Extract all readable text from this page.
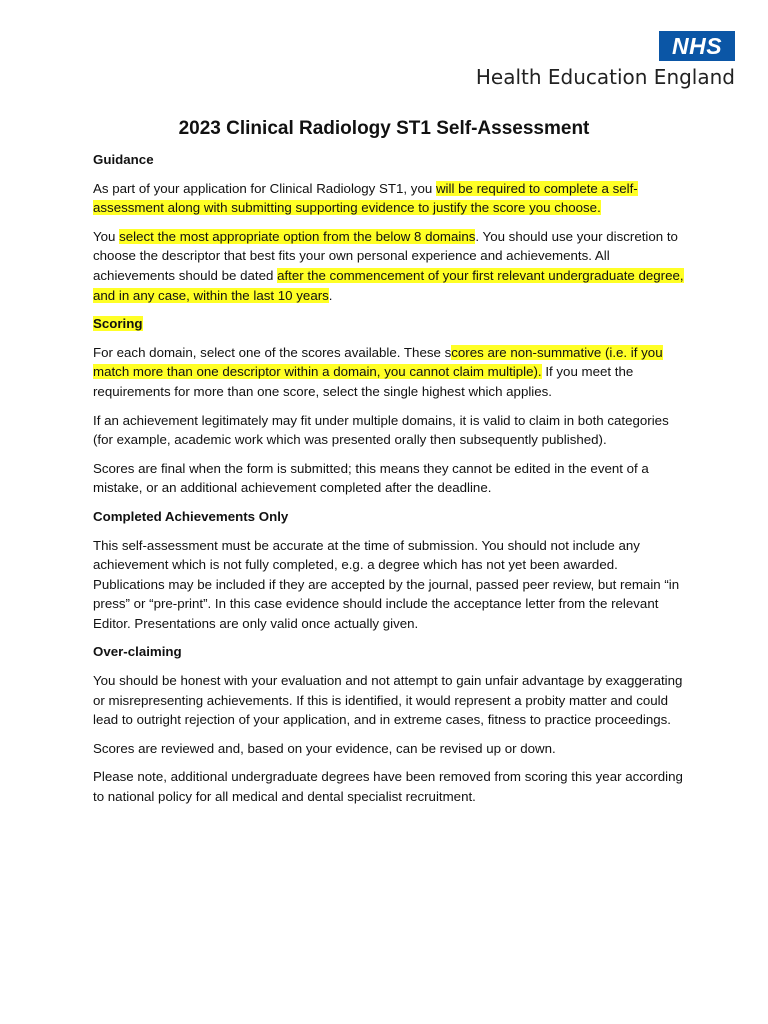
NHS
Health Education England
2023 Clinical Radiology ST1 Self-Assessment

Guidance

As part of your application for Clinical Radiology ST1, you will be required to complete a self-assessment along with submitting supporting evidence to justify the score you choose.

You select the most appropriate option from the below 8 domains. You should use your discretion to choose the descriptor that best fits your own personal experience and achievements. All achievements should be dated after the commencement of your first relevant undergraduate degree, and in any case, within the last 10 years.

Scoring

For each domain, select one of the scores available. These scores are non-summative (i.e. if you match more than one descriptor within a domain, you cannot claim multiple). If you meet the requirements for more than one score, select the single highest which applies.

If an achievement legitimately may fit under multiple domains, it is valid to claim in both categories (for example, academic work which was presented orally then subsequently published).

Scores are final when the form is submitted; this means they cannot be edited in the event of a mistake, or an additional achievement completed after the deadline.

Completed Achievements Only

This self-assessment must be accurate at the time of submission. You should not include any achievement which is not fully completed, e.g. a degree which has not yet been awarded. Publications may be included if they are accepted by the journal, passed peer review, but remain “in press” or “pre-print”. In this case evidence should include the acceptance letter from the relevant Editor. Presentations are only valid once actually given.

Over-claiming

You should be honest with your evaluation and not attempt to gain unfair advantage by exaggerating or misrepresenting achievements. If this is identified, it would represent a probity matter and could lead to outright rejection of your application, and in extreme cases, fitness to practice proceedings.

Scores are reviewed and, based on your evidence, can be revised up or down.

Please note, additional undergraduate degrees have been removed from scoring this year according to national policy for all medical and dental specialist recruitment.
